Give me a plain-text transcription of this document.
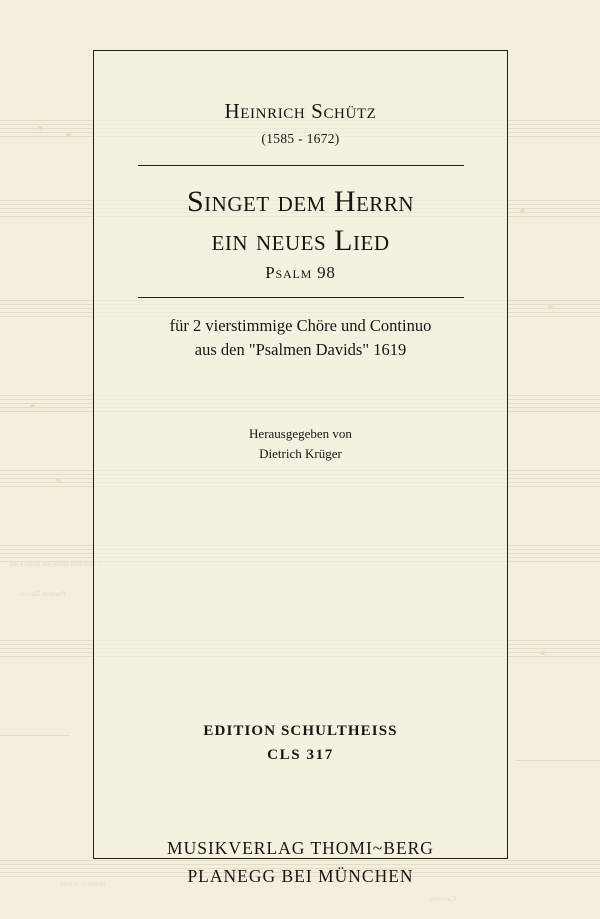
Singet dem Herrn ein neues Lied
Psalmen Davids
Continuo
Heinrich Schütz
Heinrich Schütz
(1585 - 1672)
Singet dem Herrn
ein neues Lied
Psalm 98
für 2 vierstimmige Chöre und Continuo
aus den "Psalmen Davids" 1619
Herausgegeben von
Dietrich Krüger
EDITION SCHULTHEISS
CLS 317
MUSIKVERLAG THOMI~BERG
PLANEGG BEI MÜNCHEN
